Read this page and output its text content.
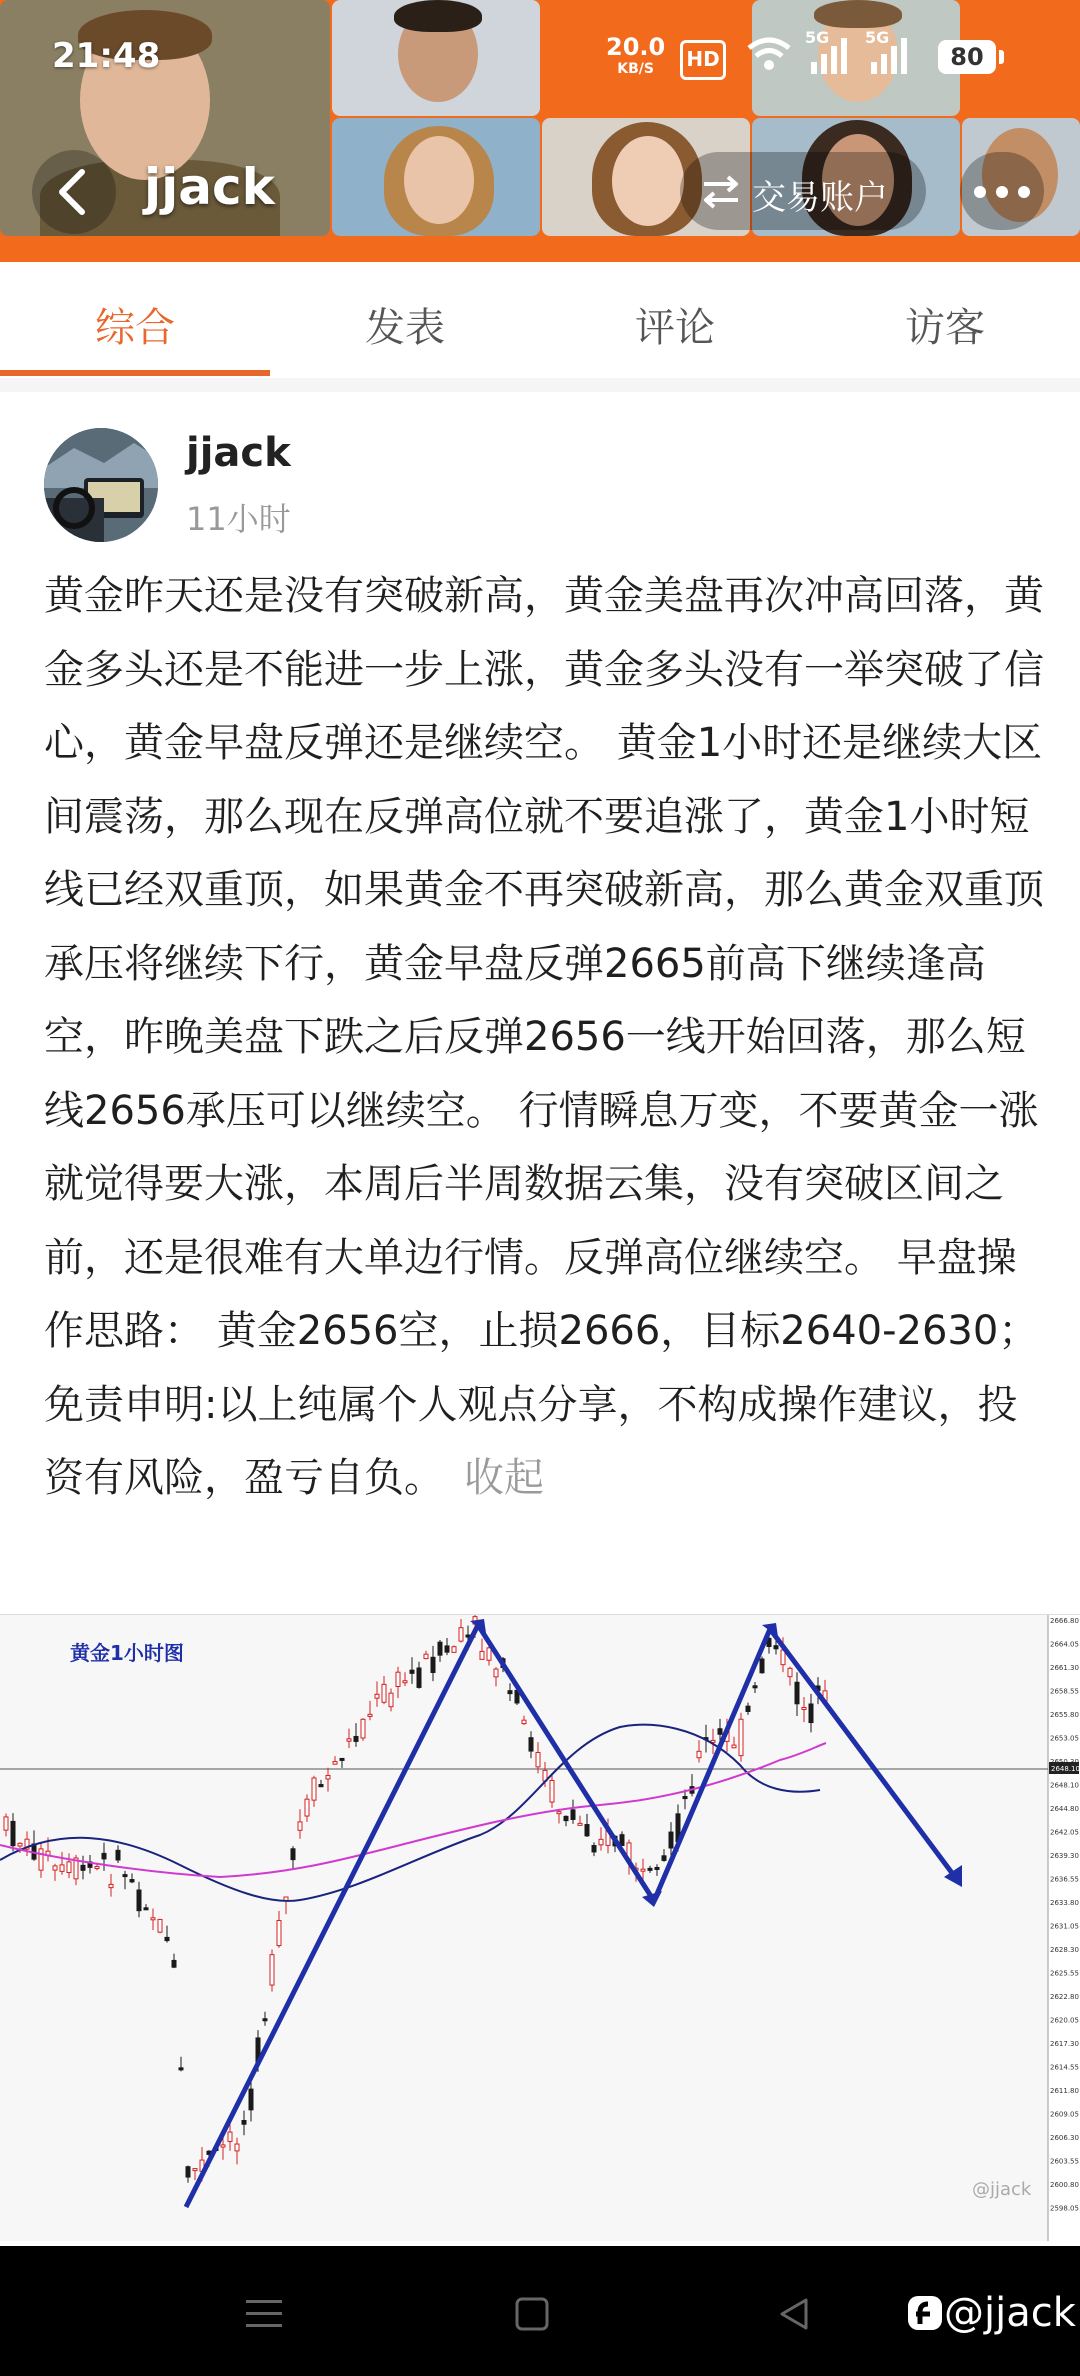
21:48	20.0
KB/S	HD
5G 5G
80
jjack	交易账户
综合	发表	评论	访客
jjack
11小时
黄金昨天还是没有突破新高，黄金美盘再次冲高回落，黄金多头还是不能进一步上涨，黄金多头没有一举突破了信心，黄金早盘反弹还是继续空。 黄金1小时还是继续大区间震荡，那么现在反弹高位就不要追涨了，黄金1小时短线已经双重顶，如果黄金不再突破新高，那么黄金双重顶承压将继续下行，黄金早盘反弹2665前高下继续逢高空，昨晚美盘下跌之后反弹2656一线开始回落，那么短线2656承压可以继续空。 行情瞬息万变，不要黄金一涨就觉得要大涨，本周后半周数据云集，没有突破区间之前，还是很难有大单边行情。反弹高位继续空。 早盘操作思路： 黄金2656空，止损2666，目标2640-2630；免责申明:以上纯属个人观点分享，不构成操作建议，投资有风险，盈亏自负。 收起
黄金1小时图
2666.80
2664.05
2661.30
2658.55
2655.80
2653.05
2648.10
2644.80
2642.05
2639.30
2636.55
2633.80
2631.05
2628.30
2625.55
2622.80
2620.05
2617.30
2614.55
2611.80
2609.05
2606.30
2603.55
2600.80
2598.05
2648.10
@jjack
@jjack
